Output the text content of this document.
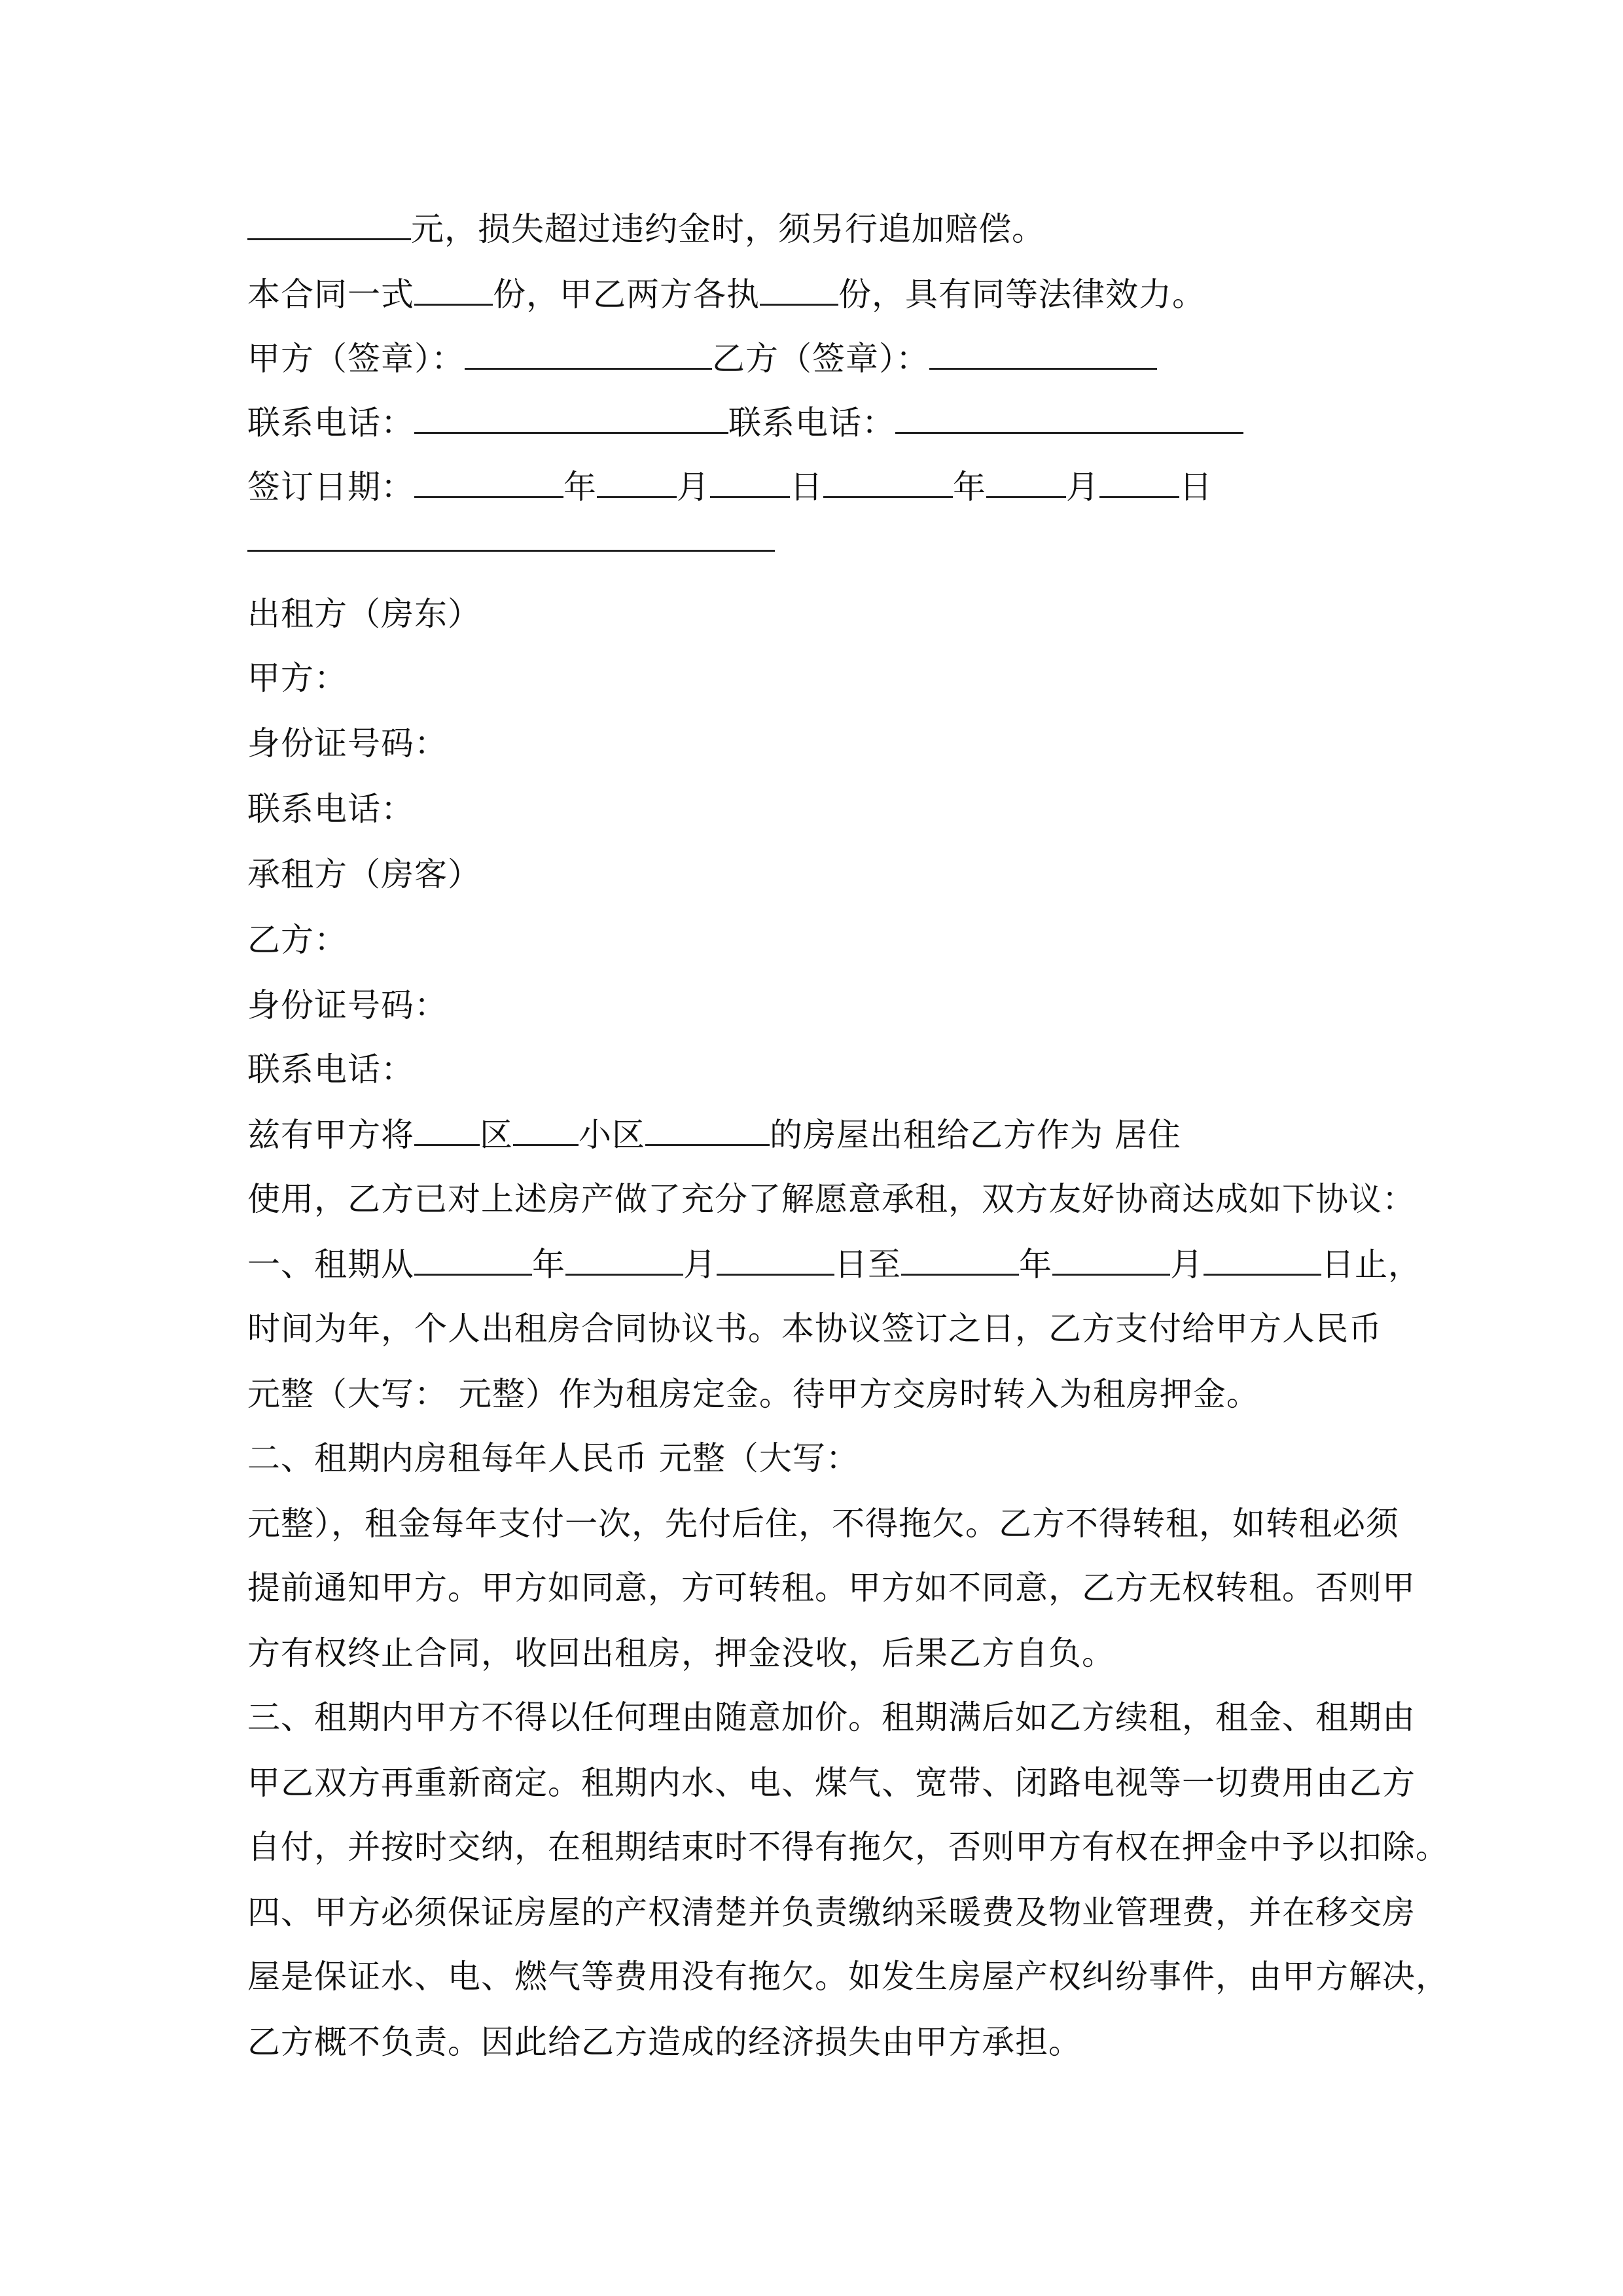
元，损失超过违约金时，须另行追加赔偿。
本合同一式 份，甲乙两方各执 份，具有同等法律效力。
甲方（签章）：	乙方（签章）：
联系电话：	联系电话：
签订日期：	年 月 日	年 月 日
出租方（房东）
甲方：
身份证号码：
联系电话：
承租方（房客）
乙方：
身份证号码：
联系电话：
兹有甲方将 区 小区	的房屋出租给乙方作为 居住
使用，乙方已对上述房产做了充分了解愿意承租，双方友好协商达成如下协议：
一、租期从	年	月	日至	年	月	日止，
时间为年，个人出租房合同协议书。本协议签订之日，乙方支付给甲方人民币
元整（大写： 元整）作为租房定金。待甲方交房时转入为租房押金。
二、租期内房租每年人民币 元整（大写：
元整），租金每年支付一次，先付后住，不得拖欠。乙方不得转租，如转租必须
提前通知甲方。甲方如同意，方可转租。甲方如不同意，乙方无权转租。否则甲
方有权终止合同，收回出租房，押金没收，后果乙方自负。
三、租期内甲方不得以任何理由随意加价。租期满后如乙方续租，租金、租期由
甲乙双方再重新商定。租期内水、电、煤气、宽带、闭路电视等一切费用由乙方
自付，并按时交纳，在租期结束时不得有拖欠，否则甲方有权在押金中予以扣除。
四、甲方必须保证房屋的产权清楚并负责缴纳采暖费及物业管理费，并在移交房
屋是保证水、电、燃气等费用没有拖欠。如发生房屋产权纠纷事件，由甲方解决，
乙方概不负责。因此给乙方造成的经济损失由甲方承担。
